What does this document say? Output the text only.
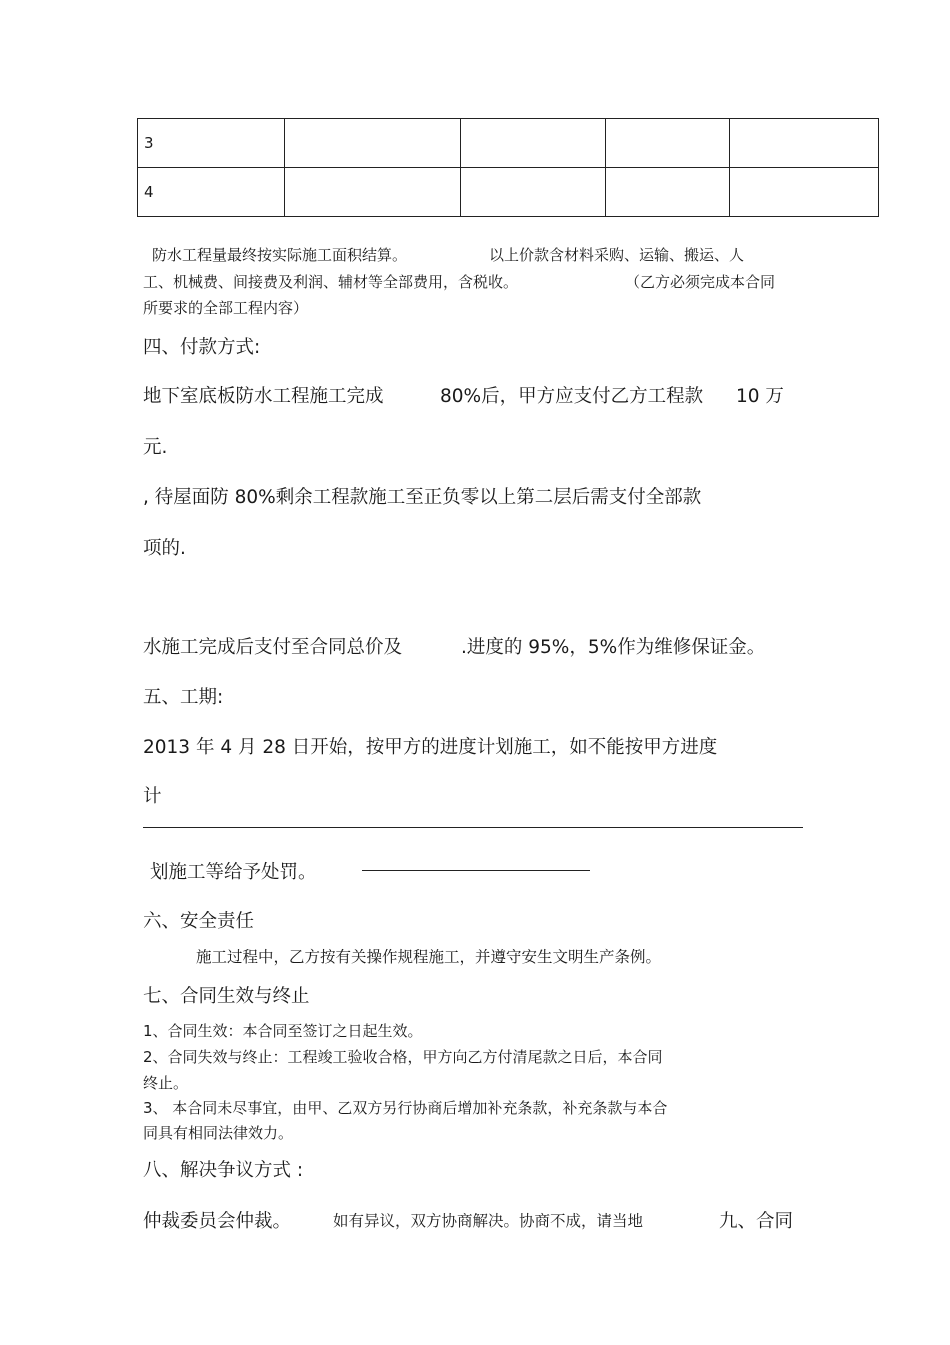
3				
4				
防水工程量最终按实际施工面积结算。	以上价款含材料采购、运输、搬运、人
工、机械费、间接费及利润、辅材等全部费用，含税收。	（乙方必须完成本合同
所要求的全部工程内容）
四、付款方式:
地下室底板防水工程施工完成	80%后，甲方应支付乙方工程款 10 万
元.
, 待屋面防 80%剩余工程款施工至正负零以上第二层后需支付全部款
项的.
水施工完成后支付至合同总价及	.进度的 95%，5%作为维修保证金。
五、工期:
2013 年 4 月 28 日开始，按甲方的进度计划施工，如不能按甲方进度
计
划施工等给予处罚。
六、安全责任
施工过程中，乙方按有关操作规程施工，并遵守安生文明生产条例。
七、合同生效与终止
1、合同生效：本合同至签订之日起生效。
2、合同失效与终止：工程竣工验收合格，甲方向乙方付清尾款之日后，本合同
终止。
3、 本合同未尽事宜，由甲、乙双方另行协商后增加补充条款，补充条款与本合
同具有相同法律效力。
八、解决争议方式 :
仲裁委员会仲裁。	如有异议，双方协商解决。协商不成，请当地	九、合同
